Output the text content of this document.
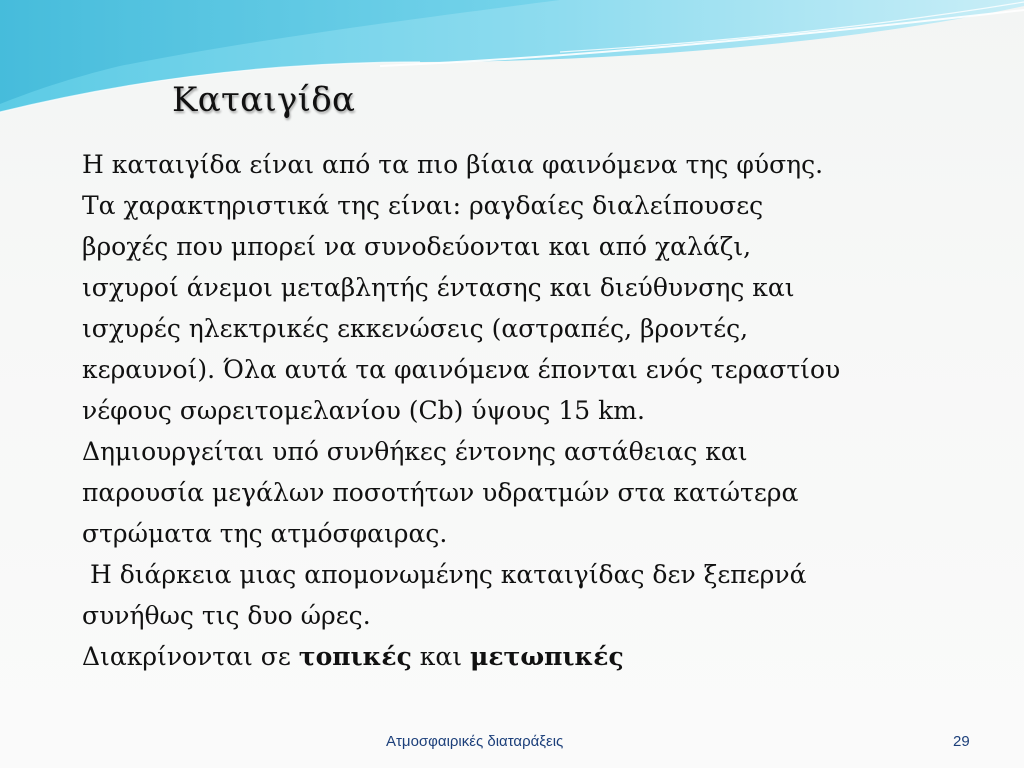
Καταιγίδα

Η καταιγίδα είναι από τα πιο βίαια φαινόμενα της φύσης.

Τα χαρακτηριστικά της είναι: ραγδαίες διαλείπουσες

βροχές που μπορεί να συνοδεύονται και από χαλάζι,

ισχυροί άνεμοι μεταβλητής έντασης και διεύθυνσης και

ισχυρές ηλεκτρικές εκκενώσεις (αστραπές, βροντές,

κεραυνοί). Όλα αυτά τα φαινόμενα έπονται ενός τεραστίου

νέφους σωρειτομελανίου (Cb) ύψους 15 km.

Δημιουργείται υπό συνθήκες έντονης αστάθειας και

παρουσία μεγάλων ποσοτήτων υδρατμών στα κατώτερα

στρώματα της ατμόσφαιρας.

Η διάρκεια μιας απομονωμένης καταιγίδας δεν ξεπερνά

συνήθως τις δυο ώρες.

Διακρίνονται σε τοπικές και μετωπικές

Ατμοσφαιρικές διαταράξεις	29
